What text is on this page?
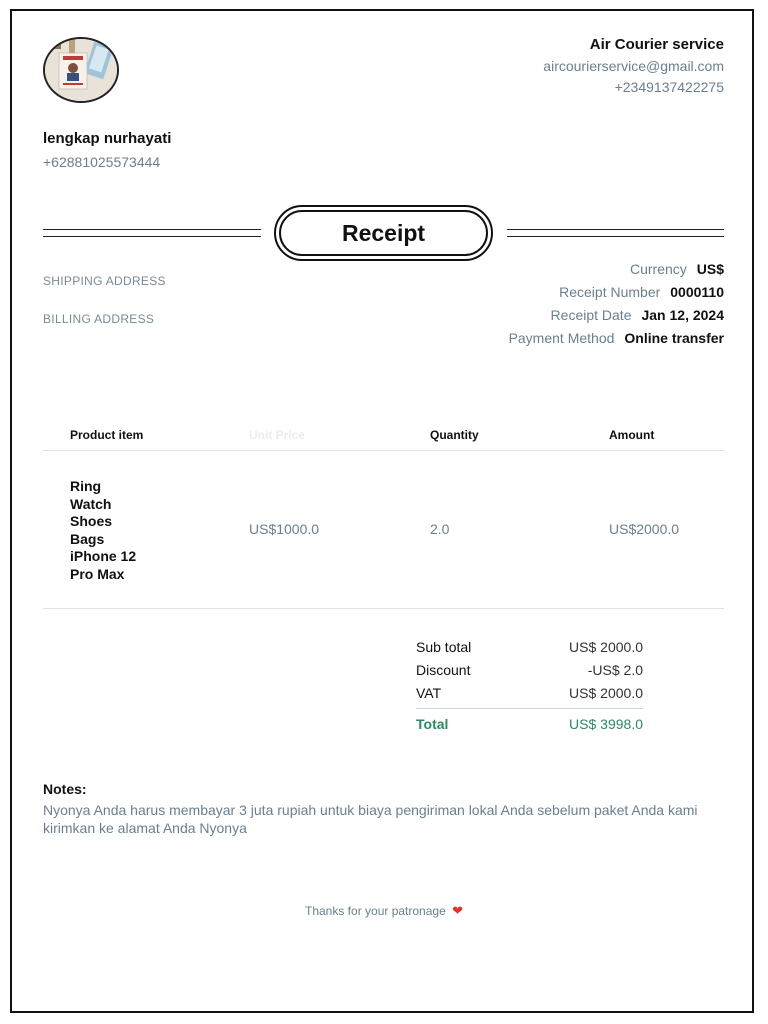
Air Courier service
aircourierservice@gmail.com
+2349137422275
lengkap nurhayati
+62881025573444
Receipt
SHIPPING ADDRESS
BILLING ADDRESS
Currency US$
Receipt Number 0000110
Receipt Date Jan 12, 2024
Payment Method Online transfer
Product item	Unit Price	Quantity	Amount
Ring
Watch
Shoes
Bags
iPhone 12
Pro Max
US$1000.0	2.0	US$2000.0
Sub total	US$ 2000.0
Discount	-US$ 2.0
VAT	US$ 2000.0
Total	US$ 3998.0
Notes:
Nyonya Anda harus membayar 3 juta rupiah untuk biaya pengiriman lokal Anda sebelum paket Anda kami kirimkan ke alamat Anda Nyonya
Thanks for your patronage ❤
